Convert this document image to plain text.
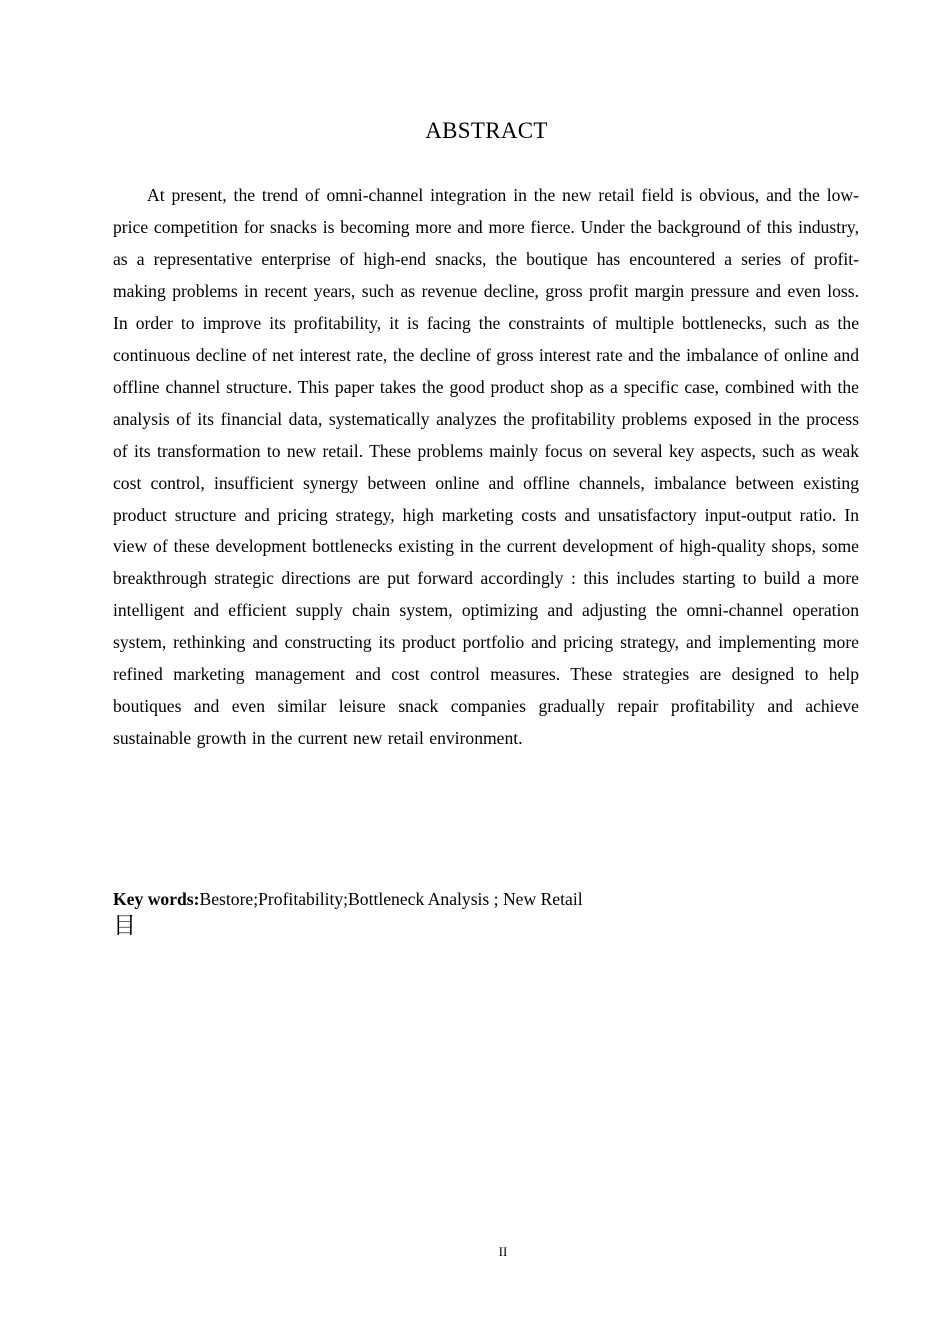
ABSTRACT

At present, the trend of omni-channel integration in the new retail field is obvious, and the low-price competition for snacks is becoming more and more fierce. Under the background of this industry, as a representative enterprise of high-end snacks, the boutique has encountered a series of profit-making problems in recent years, such as revenue decline, gross profit margin pressure and even loss. In order to improve its profitability, it is facing the constraints of multiple bottlenecks, such as the continuous decline of net interest rate, the decline of gross interest rate and the imbalance of online and offline channel structure. This paper takes the good product shop as a specific case, combined with the analysis of its financial data, systematically analyzes the profitability problems exposed in the process of its transformation to new retail. These problems mainly focus on several key aspects, such as weak cost control, insufficient synergy between online and offline channels, imbalance between existing product structure and pricing strategy, high marketing costs and unsatisfactory input-output ratio. In view of these development bottlenecks existing in the current development of high-quality shops, some breakthrough strategic directions are put forward accordingly : this includes starting to build a more intelligent and efficient supply chain system, optimizing and adjusting the omni-channel operation system, rethinking and constructing its product portfolio and pricing strategy, and implementing more refined marketing management and cost control measures. These strategies are designed to help boutiques and even similar leisure snack companies gradually repair profitability and achieve sustainable growth in the current new retail environment.

Key words:Bestore;Profitability;Bottleneck Analysis ; New Retail

目

II
